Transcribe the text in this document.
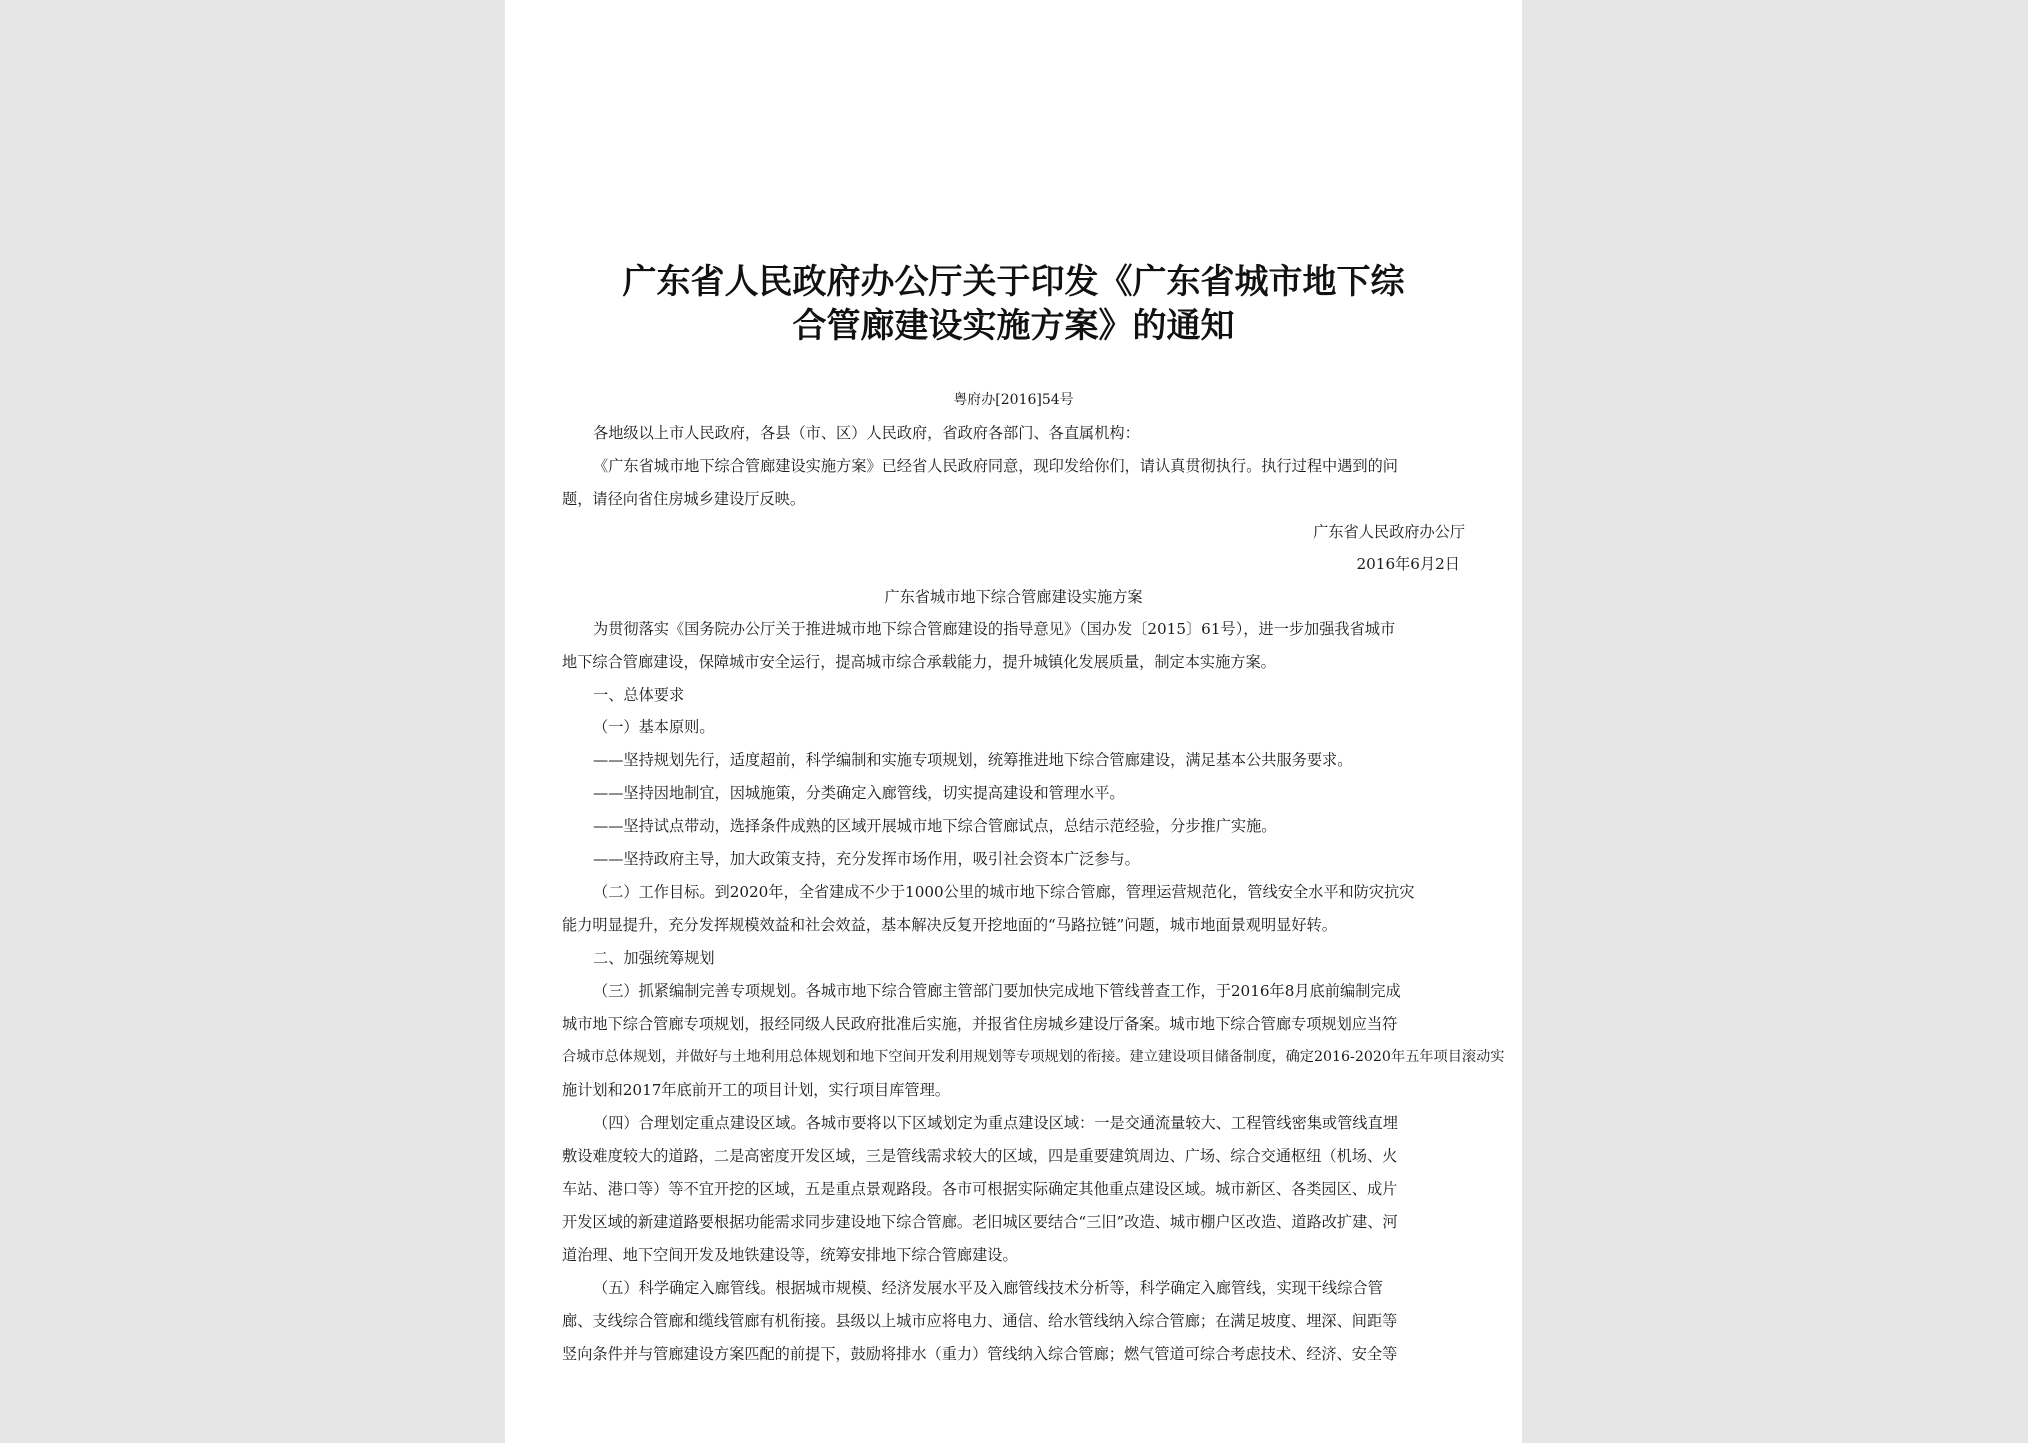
广东省人民政府办公厅关于印发《广东省城市地下综
合管廊建设实施方案》的通知
粤府办[2016]54号
各地级以上市人民政府，各县（市、区）人民政府，省政府各部门、各直属机构：
《广东省城市地下综合管廊建设实施方案》已经省人民政府同意，现印发给你们，请认真贯彻执行。执行过程中遇到的问
题，请径向省住房城乡建设厅反映。
广东省人民政府办公厅
2016年6月2日
广东省城市地下综合管廊建设实施方案
为贯彻落实《国务院办公厅关于推进城市地下综合管廊建设的指导意见》（国办发〔2015〕61号），进一步加强我省城市
地下综合管廊建设，保障城市安全运行，提高城市综合承载能力，提升城镇化发展质量，制定本实施方案。
一、总体要求
（一）基本原则。
——坚持规划先行，适度超前，科学编制和实施专项规划，统筹推进地下综合管廊建设，满足基本公共服务要求。
——坚持因地制宜，因城施策，分类确定入廊管线，切实提高建设和管理水平。
——坚持试点带动，选择条件成熟的区域开展城市地下综合管廊试点，总结示范经验，分步推广实施。
——坚持政府主导，加大政策支持，充分发挥市场作用，吸引社会资本广泛参与。
（二）工作目标。到2020年，全省建成不少于1000公里的城市地下综合管廊，管理运营规范化，管线安全水平和防灾抗灾
能力明显提升，充分发挥规模效益和社会效益，基本解决反复开挖地面的“马路拉链”问题，城市地面景观明显好转。
二、加强统筹规划
（三）抓紧编制完善专项规划。各城市地下综合管廊主管部门要加快完成地下管线普查工作，于2016年8月底前编制完成
城市地下综合管廊专项规划，报经同级人民政府批准后实施，并报省住房城乡建设厅备案。城市地下综合管廊专项规划应当符
合城市总体规划，并做好与土地利用总体规划和地下空间开发利用规划等专项规划的衔接。建立建设项目储备制度，确定2016-2020年五年项目滚动实
施计划和2017年底前开工的项目计划，实行项目库管理。
（四）合理划定重点建设区域。各城市要将以下区域划定为重点建设区域：一是交通流量较大、工程管线密集或管线直埋
敷设难度较大的道路，二是高密度开发区域，三是管线需求较大的区域，四是重要建筑周边、广场、综合交通枢纽（机场、火
车站、港口等）等不宜开挖的区域，五是重点景观路段。各市可根据实际确定其他重点建设区域。城市新区、各类园区、成片
开发区域的新建道路要根据功能需求同步建设地下综合管廊。老旧城区要结合“三旧”改造、城市棚户区改造、道路改扩建、河
道治理、地下空间开发及地铁建设等，统筹安排地下综合管廊建设。
（五）科学确定入廊管线。根据城市规模、经济发展水平及入廊管线技术分析等，科学确定入廊管线，实现干线综合管
廊、支线综合管廊和缆线管廊有机衔接。县级以上城市应将电力、通信、给水管线纳入综合管廊；在满足坡度、埋深、间距等
竖向条件并与管廊建设方案匹配的前提下，鼓励将排水（重力）管线纳入综合管廊；燃气管道可综合考虑技术、经济、安全等
